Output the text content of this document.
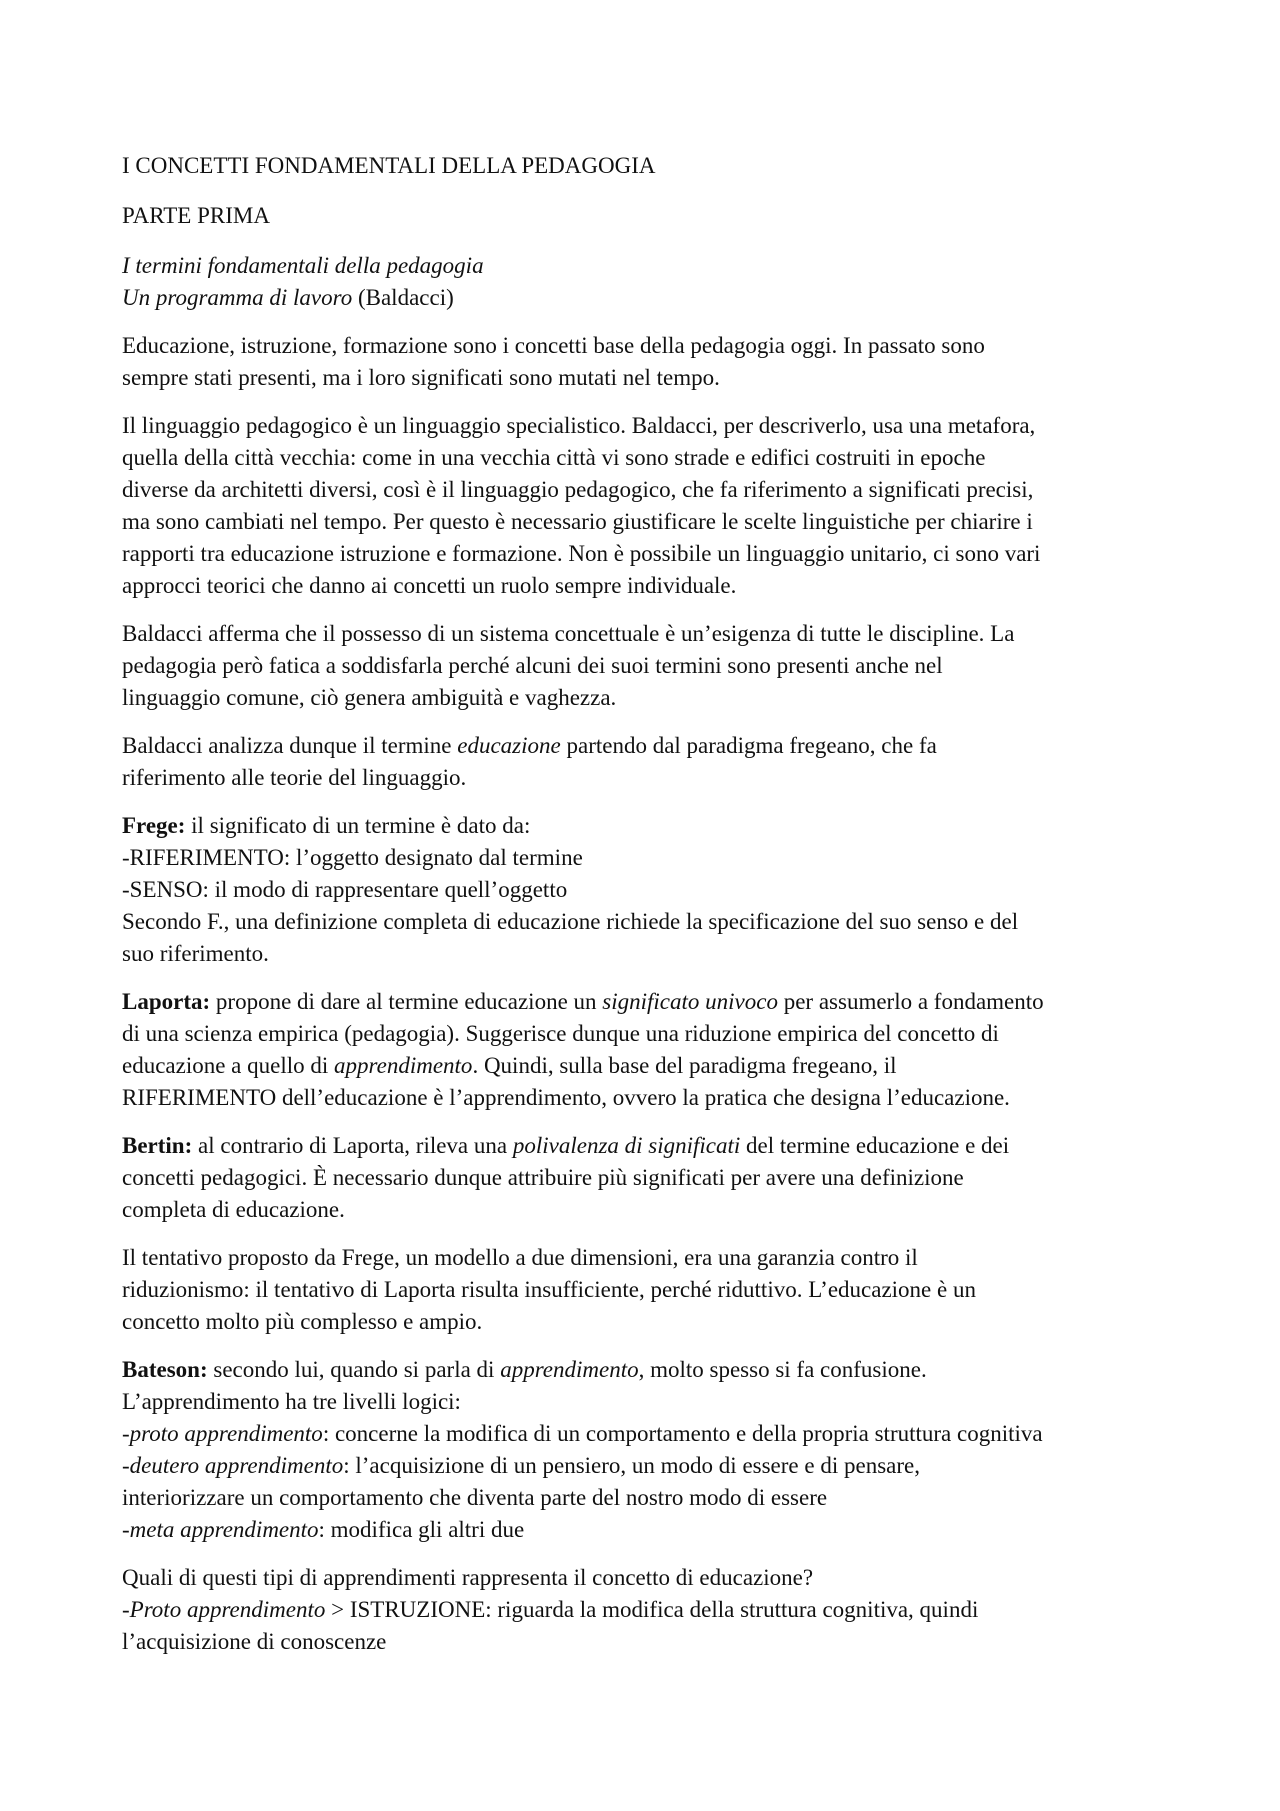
I CONCETTI FONDAMENTALI DELLA PEDAGOGIA

PARTE PRIMA

I termini fondamentali della pedagogia
Un programma di lavoro (Baldacci)

Educazione, istruzione, formazione sono i concetti base della pedagogia oggi. In passato sono
sempre stati presenti, ma i loro significati sono mutati nel tempo.

Il linguaggio pedagogico è un linguaggio specialistico. Baldacci, per descriverlo, usa una metafora,
quella della città vecchia: come in una vecchia città vi sono strade e edifici costruiti in epoche
diverse da architetti diversi, così è il linguaggio pedagogico, che fa riferimento a significati precisi,
ma sono cambiati nel tempo. Per questo è necessario giustificare le scelte linguistiche per chiarire i
rapporti tra educazione istruzione e formazione. Non è possibile un linguaggio unitario, ci sono vari
approcci teorici che danno ai concetti un ruolo sempre individuale.

Baldacci afferma che il possesso di un sistema concettuale è un’esigenza di tutte le discipline. La
pedagogia però fatica a soddisfarla perché alcuni dei suoi termini sono presenti anche nel
linguaggio comune, ciò genera ambiguità e vaghezza.

Baldacci analizza dunque il termine educazione partendo dal paradigma fregeano, che fa
riferimento alle teorie del linguaggio.

Frege: il significato di un termine è dato da:
-RIFERIMENTO: l’oggetto designato dal termine
-SENSO: il modo di rappresentare quell’oggetto
Secondo F., una definizione completa di educazione richiede la specificazione del suo senso e del
suo riferimento.

Laporta: propone di dare al termine educazione un significato univoco per assumerlo a fondamento
di una scienza empirica (pedagogia). Suggerisce dunque una riduzione empirica del concetto di
educazione a quello di apprendimento. Quindi, sulla base del paradigma fregeano, il
RIFERIMENTO dell’educazione è l’apprendimento, ovvero la pratica che designa l’educazione.

Bertin: al contrario di Laporta, rileva una polivalenza di significati del termine educazione e dei
concetti pedagogici. È necessario dunque attribuire più significati per avere una definizione
completa di educazione.

Il tentativo proposto da Frege, un modello a due dimensioni, era una garanzia contro il
riduzionismo: il tentativo di Laporta risulta insufficiente, perché riduttivo. L’educazione è un
concetto molto più complesso e ampio.

Bateson: secondo lui, quando si parla di apprendimento, molto spesso si fa confusione.
L’apprendimento ha tre livelli logici:
-proto apprendimento: concerne la modifica di un comportamento e della propria struttura cognitiva
-deutero apprendimento: l’acquisizione di un pensiero, un modo di essere e di pensare,
interiorizzare un comportamento che diventa parte del nostro modo di essere
-meta apprendimento: modifica gli altri due

Quali di questi tipi di apprendimenti rappresenta il concetto di educazione?
-Proto apprendimento > ISTRUZIONE: riguarda la modifica della struttura cognitiva, quindi
l’acquisizione di conoscenze
